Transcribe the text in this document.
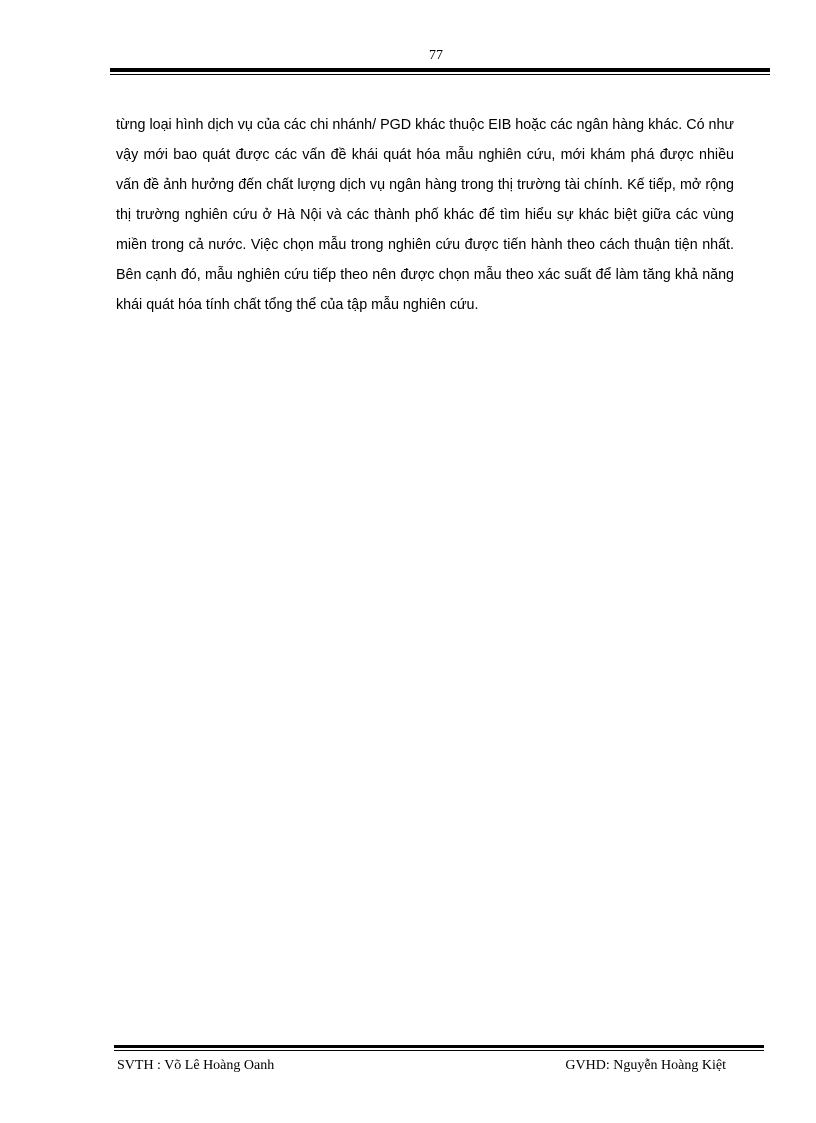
77

từng loại hình dịch vụ của các chi nhánh/ PGD khác thuộc EIB hoặc các ngân hàng khác. Có như vậy mới bao quát được các vấn đề khái quát hóa mẫu nghiên cứu, mới khám phá được nhiều vấn đề ảnh hưởng đến chất lượng dịch vụ ngân hàng trong thị trường tài chính. Kế tiếp, mở rộng thị trường nghiên cứu ở Hà Nội và các thành phố khác để tìm hiểu sự khác biệt giữa các vùng miền trong cả nước. Việc chọn mẫu trong nghiên cứu được tiến hành theo cách thuận tiện nhất. Bên cạnh đó, mẫu nghiên cứu tiếp theo nên được chọn mẫu theo xác suất để làm tăng khả năng khái quát hóa tính chất tổng thể của tập mẫu nghiên cứu.

SVTH : Võ Lê Hoàng Oanh	GVHD: Nguyễn Hoàng Kiệt
